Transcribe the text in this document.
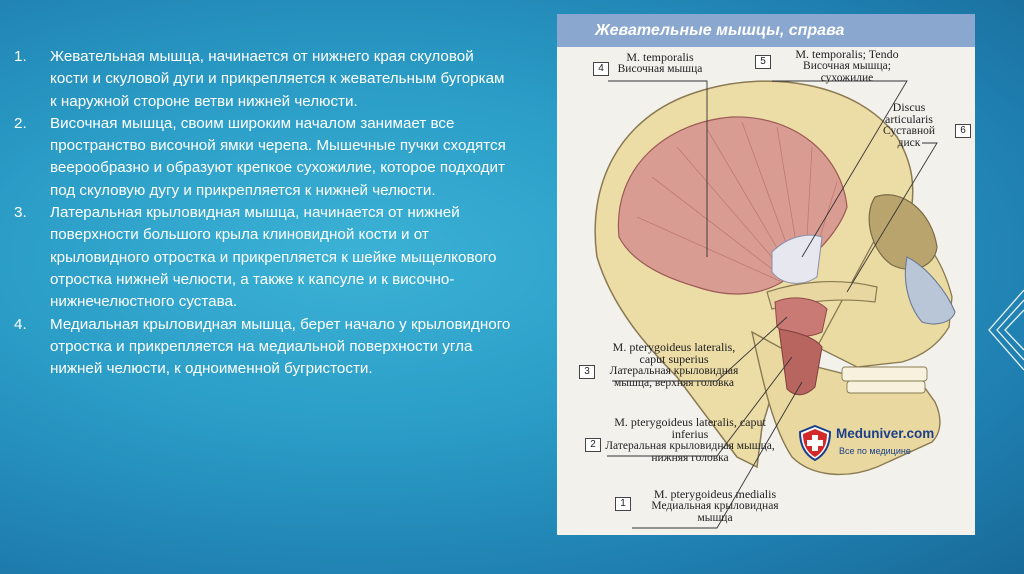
1. Жевательная мышца, начинается от нижнего края скуловой кости и скуловой дуги и прикрепляется к жевательным бугоркам к наружной стороне ветви нижней челюсти.
2. Височная мышца, своим широким началом занимает все пространство височной ямки черепа. Мышечные пучки сходятся веерообразно и образуют крепкое сухожилие, которое подходит под скуловую дугу и прикрепляется к нижней челюсти.
3. Латеральная крыловидная мышца, начинается от нижней поверхности большого крыла клиновидной кости и от крыловидного отростка и прикрепляется к шейке мыщелкового отростка нижней челюсти, а также к капсуле и к височно-нижнечелюстного сустава.
4. Медиальная крыловидная мышца, берет начало у крыловидного отростка и прикрепляется на медиальной поверхности угла нижней челюсти, к одноименной бугристости.
Жевательные мышцы, справа
4
M. temporalis
Височная мышца
5
M. temporalis; Tendo
Височная мышца; сухожилие
Discus articularis
Суставной диск
6
3
M. pterygoideus lateralis, caput superius
Латеральная крыловидная мышца, верхняя головка
2
M. pterygoideus lateralis, caput inferius
Латеральная крыловидная мышца, нижняя головка
1
M. pterygoideus medialis
Медиальная крыловидная мышца
Meduniver.com
Все по медицине
